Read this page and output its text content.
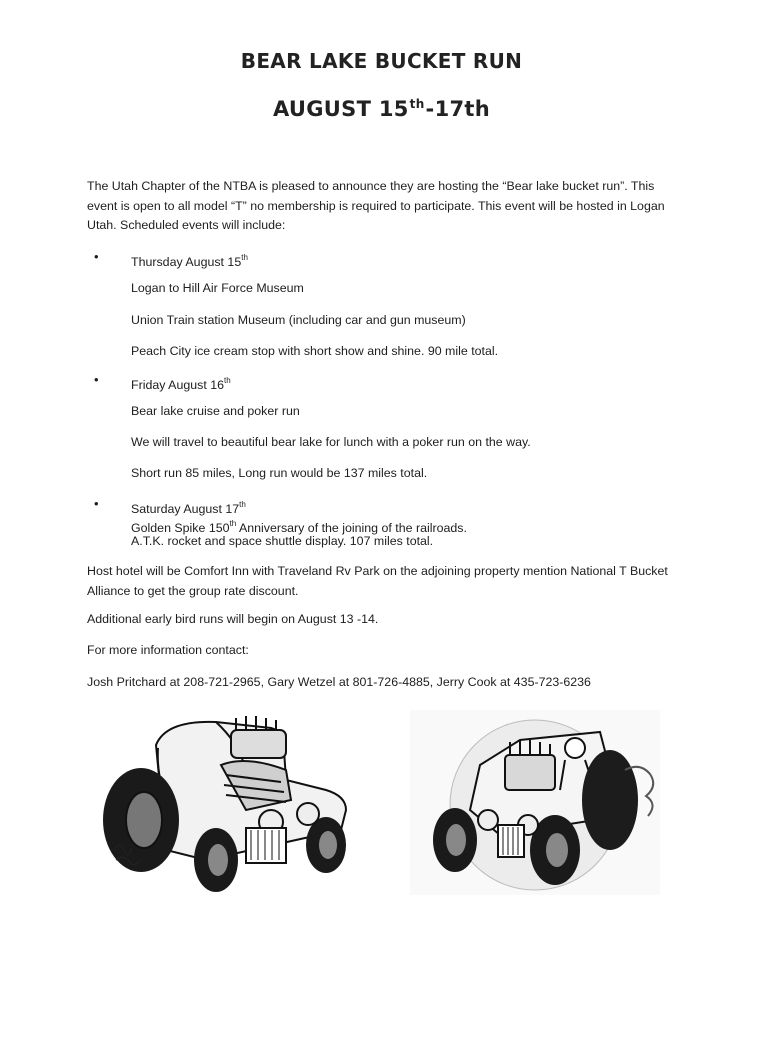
BEAR LAKE BUCKET RUN
AUGUST 15th-17th
The Utah Chapter of the NTBA is pleased to announce they are hosting the “Bear lake bucket run”. This event is open to all model “T” no membership is required to participate. This event will be hosted in Logan Utah. Scheduled events will include:
•	Thursday August 15th
Logan to Hill Air Force Museum
Union Train station Museum (including car and gun museum)
Peach City ice cream stop with short show and shine. 90 mile total.
•	Friday August 16th
Bear lake cruise and poker run
We will travel to beautiful bear lake for lunch with a poker run on the way.
Short run 85 miles, Long run would be 137 miles total.
•	Saturday August 17th
Golden Spike 150th Anniversary of the joining of the railroads.
A.T.K. rocket and space shuttle display. 107 miles total.
Host hotel will be Comfort Inn with Traveland Rv Park on the adjoining property mention National T Bucket Alliance to get the group rate discount.
Additional early bird runs will begin on August 13 -14.
For more information contact:
Josh Pritchard at 208-721-2965, Gary Wetzel at 801-726-4885, Jerry Cook at 435-723-6236
